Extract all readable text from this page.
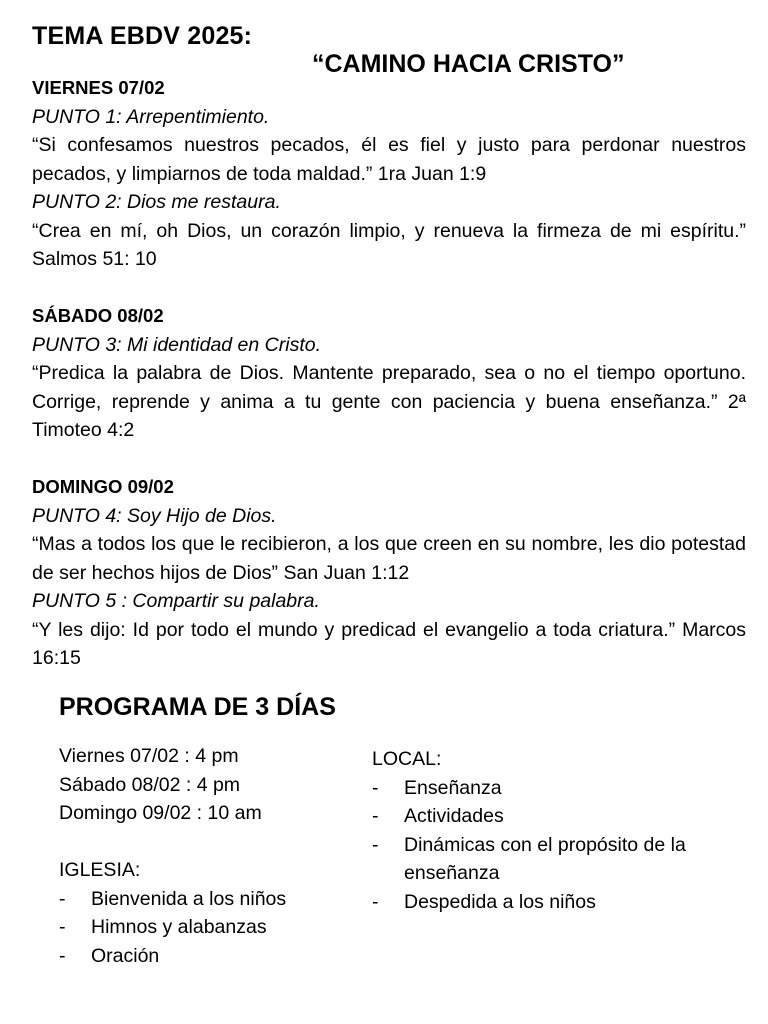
TEMA EBDV 2025:
“CAMINO HACIA CRISTO”
VIERNES 07/02
PUNTO 1: Arrepentimiento.
“Si confesamos nuestros pecados, él es fiel y justo para perdonar nuestros pecados, y limpiarnos de toda maldad.” 1ra Juan 1:9
PUNTO 2: Dios me restaura.
“Crea en mí, oh Dios, un corazón limpio, y renueva la firmeza de mi espíritu.” Salmos 51: 10
SÁBADO 08/02
PUNTO 3: Mi identidad en Cristo.
“Predica la palabra de Dios. Mantente preparado, sea o no el tiempo oportuno. Corrige, reprende y anima a tu gente con paciencia y buena enseñanza.” 2ª Timoteo 4:2
DOMINGO 09/02
PUNTO 4: Soy Hijo de Dios.
“Mas a todos los que le recibieron, a los que creen en su nombre, les dio potestad de ser hechos hijos de Dios” San Juan 1:12
PUNTO 5 : Compartir su palabra.
“Y les dijo: Id por todo el mundo y predicad el evangelio a toda criatura.” Marcos 16:15
PROGRAMA DE 3 DÍAS
Viernes 07/02 : 4 pm
Sábado 08/02 : 4 pm
Domingo 09/02 : 10 am
IGLESIA:
-	Bienvenida a los niños
-	Himnos y alabanzas
-	Oración
LOCAL:
-	Enseñanza
-	Actividades
-	Dinámicas con el propósito de la enseñanza
-	Despedida a los niños
